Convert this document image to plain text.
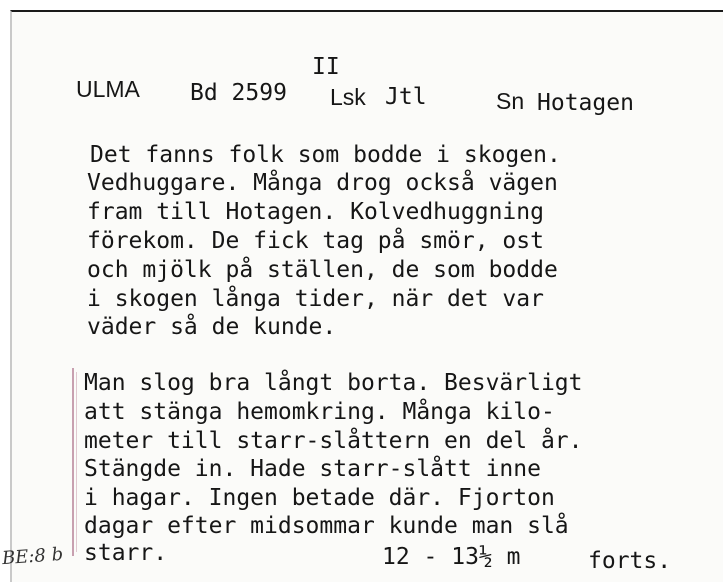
II
ULMA Bd 2599 Lsk Jtl	Sn Hotagen
Det fanns folk som bodde i skogen.
Vedhuggare. Många drog också vägen
fram till Hotagen. Kolvedhuggning
förekom. De fick tag på smör, ost
och mjölk på ställen, de som bodde
i skogen långa tider, när det var
väder så de kunde.
Man slog bra långt borta. Besvärligt
att stänga hemomkring. Många kilo-
meter till starr-slåttern en del år.
Stängde in. Hade starr-slått inne
i hagar. Ingen betade där. Fjorton
dagar efter midsommar kunde man slå
starr.	12 - 13½ m	forts.
BE:8 b
